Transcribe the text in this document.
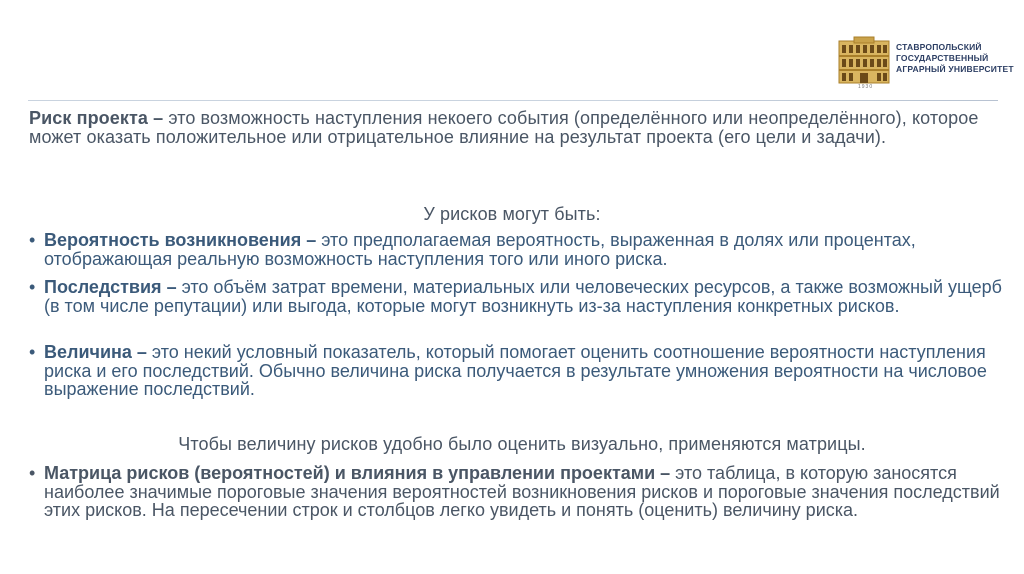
1930
СТАВРОПОЛЬСКИЙ
ГОСУДАРСТВЕННЫЙ
АГРАРНЫЙ УНИВЕРСИТЕТ
Риск проекта – это возможность наступления некоего события (определённого или неопределённого), которое может оказать положительное или отрицательное влияние на результат проекта (его цели и задачи).
У рисков могут быть:
• Вероятность возникновения – это предполагаемая вероятность, выраженная в долях или процентах, отображающая реальную возможность наступления того или иного риска.
• Последствия – это объём затрат времени, материальных или человеческих ресурсов, а также возможный ущерб (в том числе репутации) или выгода, которые могут возникнуть из-за наступления конкретных рисков.
• Величина – это некий условный показатель, который помогает оценить соотношение вероятности наступления риска и его последствий. Обычно величина риска получается в результате умножения вероятности на числовое выражение последствий.
Чтобы величину рисков удобно было оценить визуально, применяются матрицы.
• Матрица рисков (вероятностей) и влияния в управлении проектами – это таблица, в которую заносятся наиболее значимые пороговые значения вероятностей возникновения рисков и пороговые значения последствий этих рисков. На пересечении строк и столбцов легко увидеть и понять (оценить) величину риска.
